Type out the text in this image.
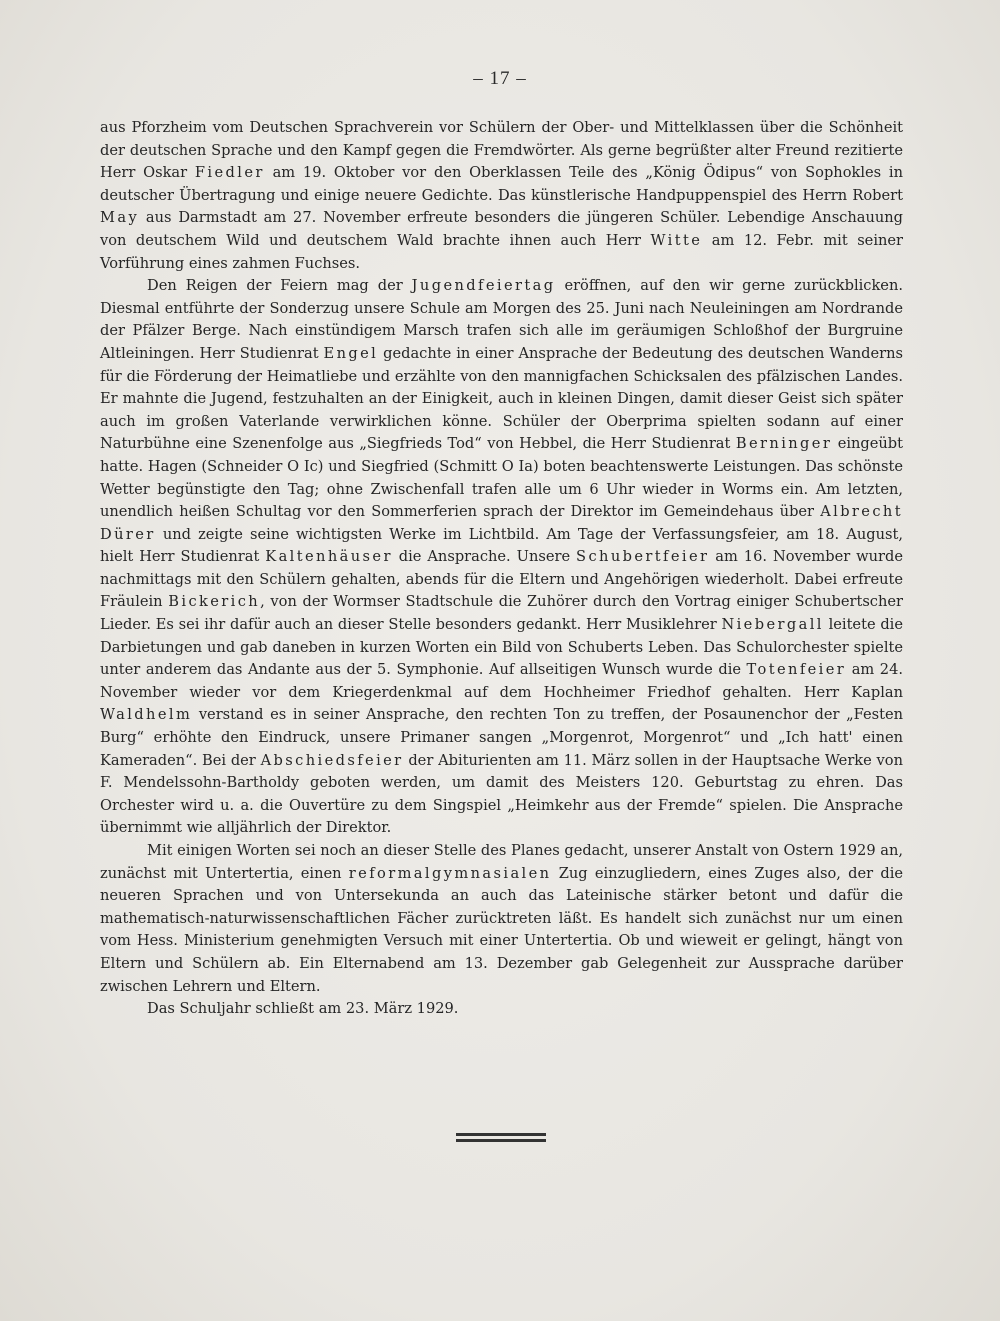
– 17 –

aus Pforzheim vom Deutschen Sprachverein vor Schülern der Ober- und Mittelklassen über die Schönheit der deutschen Sprache und den Kampf gegen die Fremdwörter. Als gerne begrüßter alter Freund rezitierte Herr Oskar Fiedler am 19. Oktober vor den Oberklassen Teile des „König Ödipus“ von Sophokles in deutscher Übertragung und einige neuere Gedichte. Das künstlerische Handpuppenspiel des Herrn Robert May aus Darmstadt am 27. November erfreute besonders die jüngeren Schüler. Lebendige Anschauung von deutschem Wild und deutschem Wald brachte ihnen auch Herr Witte am 12. Febr. mit seiner Vorführung eines zahmen Fuchses.

Den Reigen der Feiern mag der Jugendfeiertag eröffnen, auf den wir gerne zurückblicken. Diesmal entführte der Sonderzug unsere Schule am Morgen des 25. Juni nach Neuleiningen am Nordrande der Pfälzer Berge. Nach einstündigem Marsch trafen sich alle im geräumigen Schloßhof der Burgruine Altleiningen. Herr Studienrat Engel gedachte in einer Ansprache der Bedeutung des deutschen Wanderns für die Förderung der Heimatliebe und erzählte von den mannigfachen Schicksalen des pfälzischen Landes. Er mahnte die Jugend, festzuhalten an der Einigkeit, auch in kleinen Dingen, damit dieser Geist sich später auch im großen Vaterlande verwirklichen könne. Schüler der Oberprima spielten sodann auf einer Naturbühne eine Szenenfolge aus „Siegfrieds Tod“ von Hebbel, die Herr Studienrat Berninger eingeübt hatte. Hagen (Schneider O Ic) und Siegfried (Schmitt O Ia) boten beachtenswerte Leistungen. Das schönste Wetter begünstigte den Tag; ohne Zwischenfall trafen alle um 6 Uhr wieder in Worms ein. Am letzten, unendlich heißen Schultag vor den Sommerferien sprach der Direktor im Gemeindehaus über Albrecht Dürer und zeigte seine wichtigsten Werke im Lichtbild. Am Tage der Verfassungsfeier, am 18. August, hielt Herr Studienrat Kaltenhäuser die Ansprache. Unsere Schubertfeier am 16. November wurde nachmittags mit den Schülern gehalten, abends für die Eltern und Angehörigen wiederholt. Dabei erfreute Fräulein Bickerich, von der Wormser Stadtschule die Zuhörer durch den Vortrag einiger Schubertscher Lieder. Es sei ihr dafür auch an dieser Stelle besonders gedankt. Herr Musiklehrer Niebergall leitete die Darbietungen und gab daneben in kurzen Worten ein Bild von Schuberts Leben. Das Schulorchester spielte unter anderem das Andante aus der 5. Symphonie. Auf allseitigen Wunsch wurde die Totenfeier am 24. November wieder vor dem Kriegerdenkmal auf dem Hochheimer Friedhof gehalten. Herr Kaplan Waldhelm verstand es in seiner Ansprache, den rechten Ton zu treffen, der Posaunenchor der „Festen Burg“ erhöhte den Eindruck, unsere Primaner sangen „Morgenrot, Morgenrot“ und „Ich hatt' einen Kameraden“. Bei der Abschiedsfeier der Abiturienten am 11. März sollen in der Hauptsache Werke von F. Mendelssohn-Bartholdy geboten werden, um damit des Meisters 120. Geburtstag zu ehren. Das Orchester wird u. a. die Ouvertüre zu dem Singspiel „Heimkehr aus der Fremde“ spielen. Die Ansprache übernimmt wie alljährlich der Direktor.

Mit einigen Worten sei noch an dieser Stelle des Planes gedacht, unserer Anstalt von Ostern 1929 an, zunächst mit Untertertia, einen reformalgymnasialen Zug einzugliedern, eines Zuges also, der die neueren Sprachen und von Untersekunda an auch das Lateinische stärker betont und dafür die mathematisch-naturwissenschaftlichen Fächer zurücktreten läßt. Es handelt sich zunächst nur um einen vom Hess. Ministerium genehmigten Versuch mit einer Untertertia. Ob und wieweit er gelingt, hängt von Eltern und Schülern ab. Ein Elternabend am 13. Dezember gab Gelegenheit zur Aussprache darüber zwischen Lehrern und Eltern.

Das Schuljahr schließt am 23. März 1929.
